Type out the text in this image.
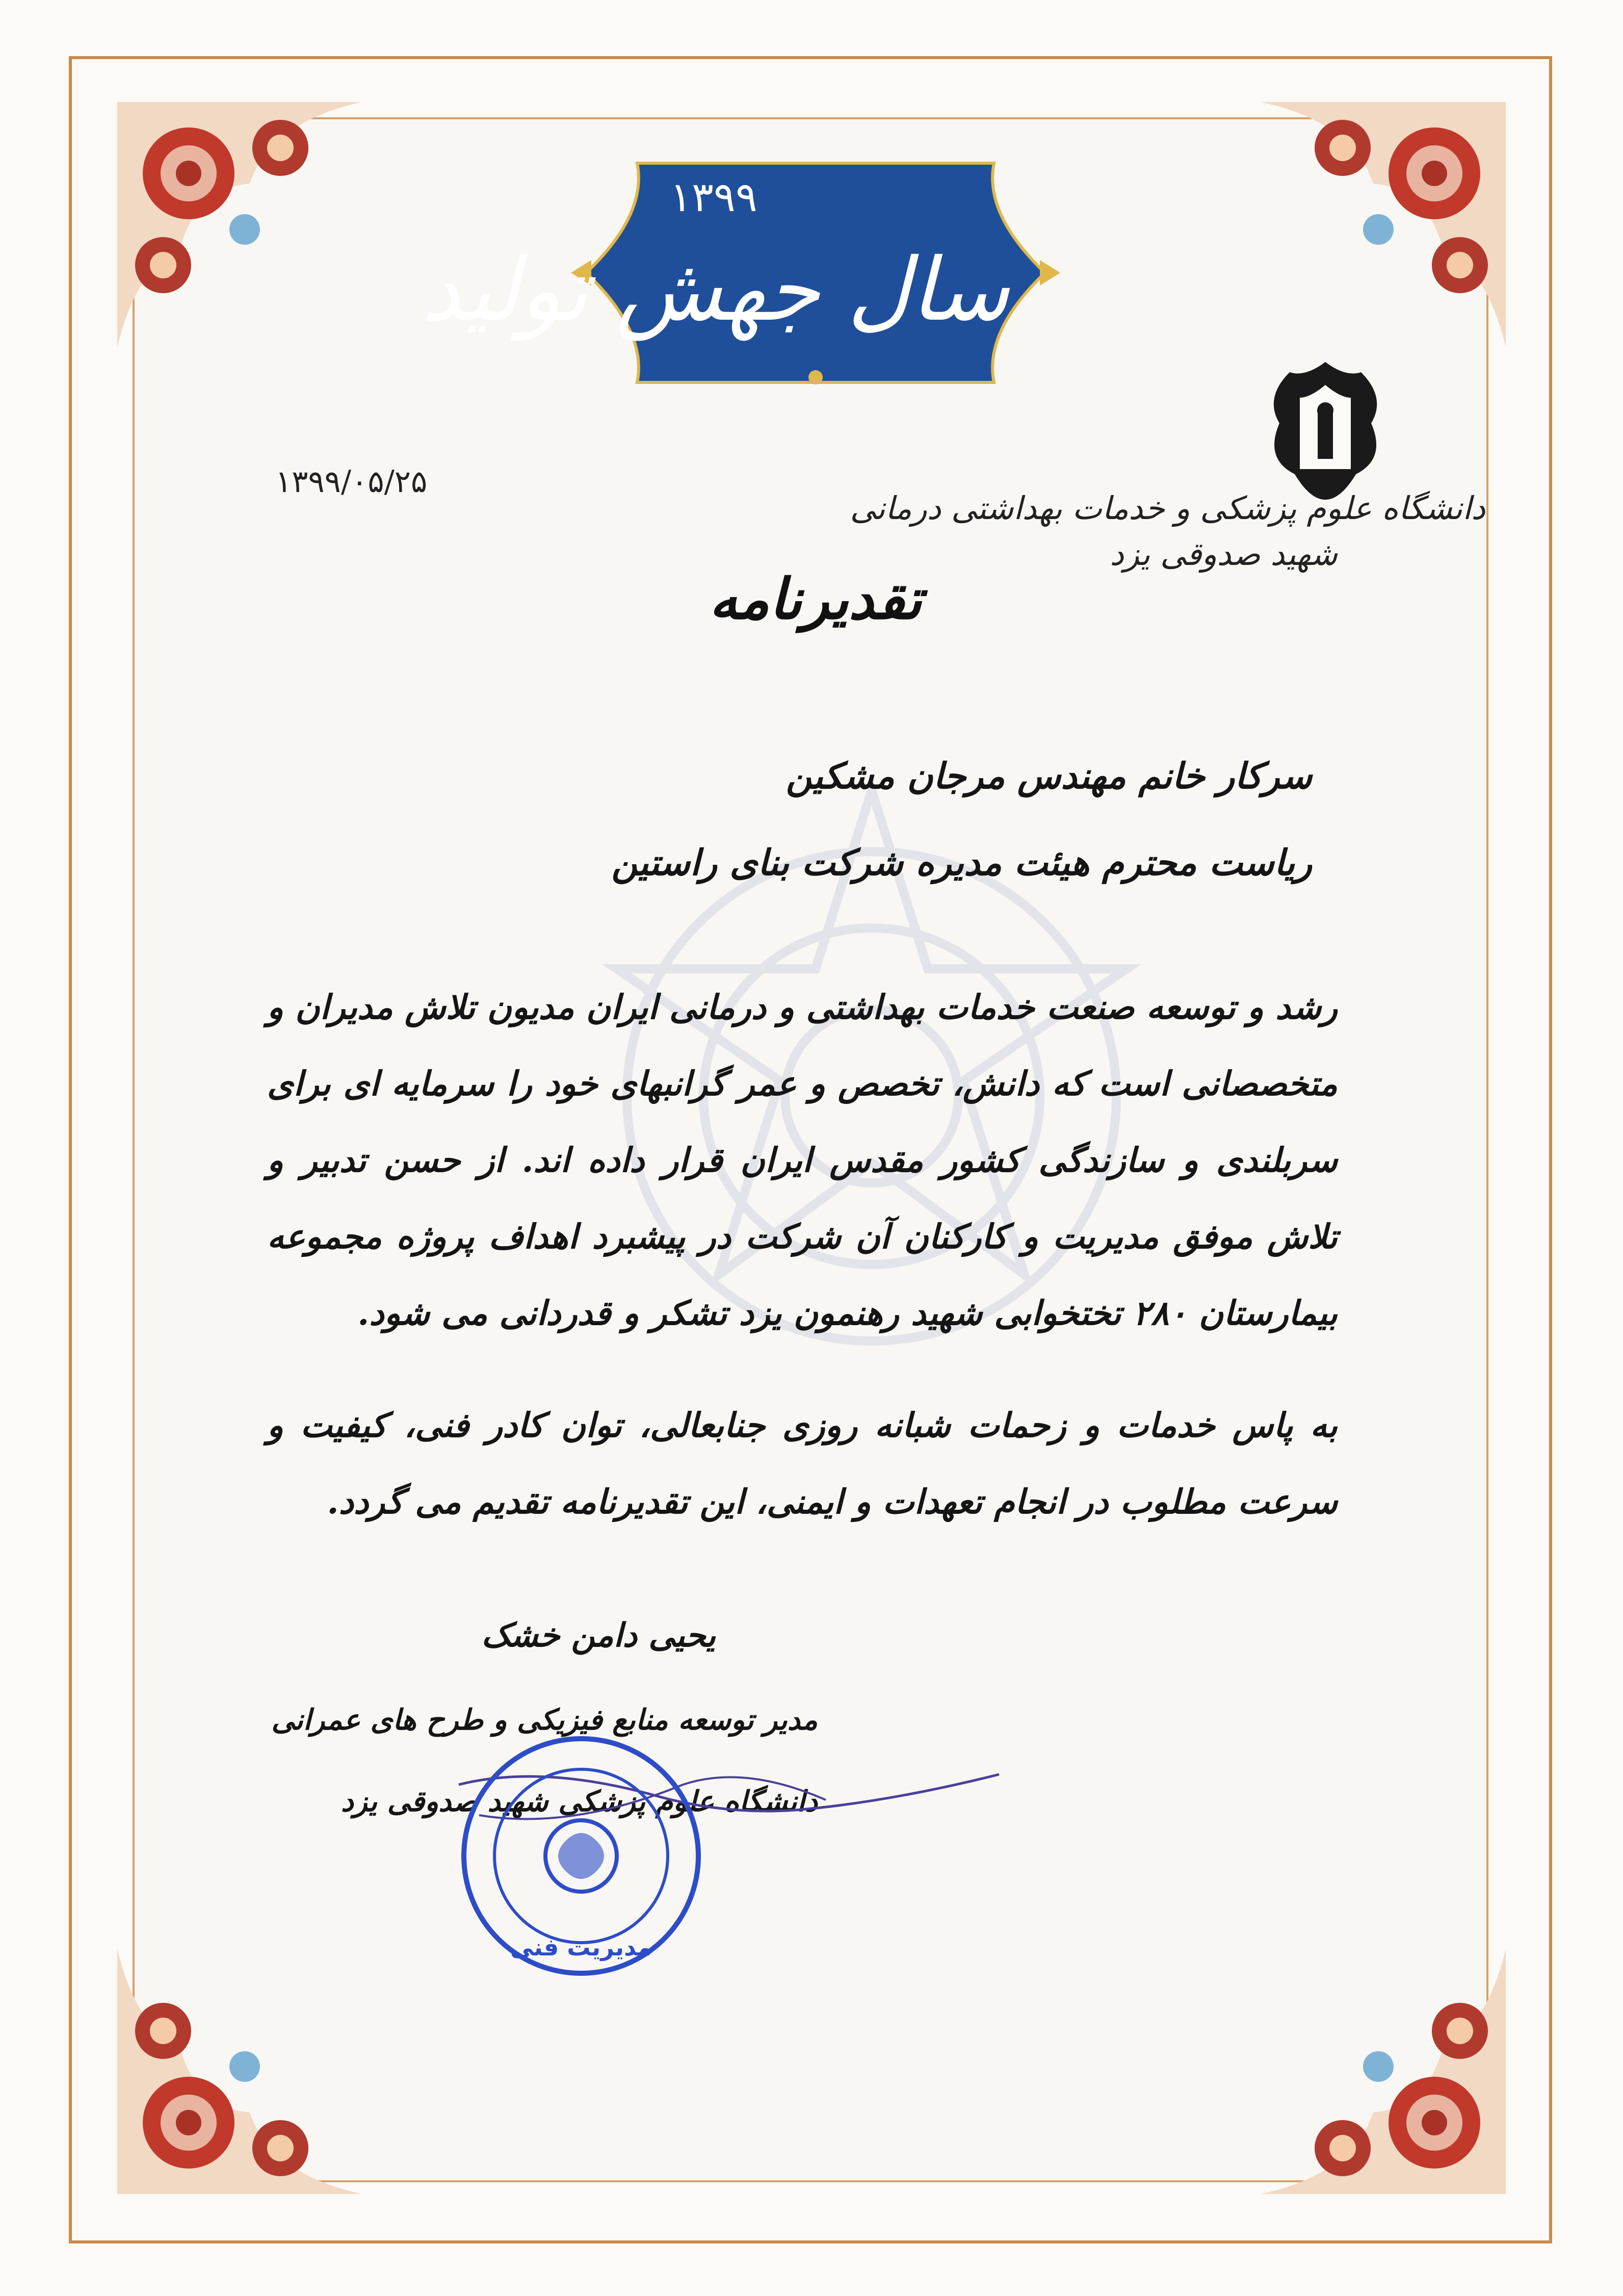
۱۳۹۹
سال جهش تولید
دانشگاه علوم پزشکی و خدمات بهداشتی درمانی
شهید صدوقی یزد
۱۳۹۹/۰۵/۲۵
تقدیرنامه
سرکار خانم مهندس مرجان مشکین
ریاست محترم هیئت مدیره شرکت بنای راستین
رشد و توسعه صنعت خدمات بهداشتی و درمانی ایران مدیون تلاش مدیران و متخصصانی است که دانش، تخصص و عمر گرانبهای خود را سرمایه ای برای سربلندی و سازندگی کشور مقدس ایران قرار داده اند. از حسن تدبیر و تلاش موفق مدیریت و کارکنان آن شرکت در پیشبرد اهداف پروژه مجموعه بیمارستان ۲۸۰ تختخوابی شهید رهنمون یزد تشکر و قدردانی می شود.
به پاس خدمات و زحمات شبانه روزی جنابعالی، توان کادر فنی، کیفیت و سرعت مطلوب در انجام تعهدات و ایمنی، این تقدیرنامه تقدیم می گردد.
یحیی دامن خشک
مدیر توسعه منابع فیزیکی و طرح های عمرانی
دانشگاه علوم پزشکی شهید صدوقی یزد
مدیریت فنی
